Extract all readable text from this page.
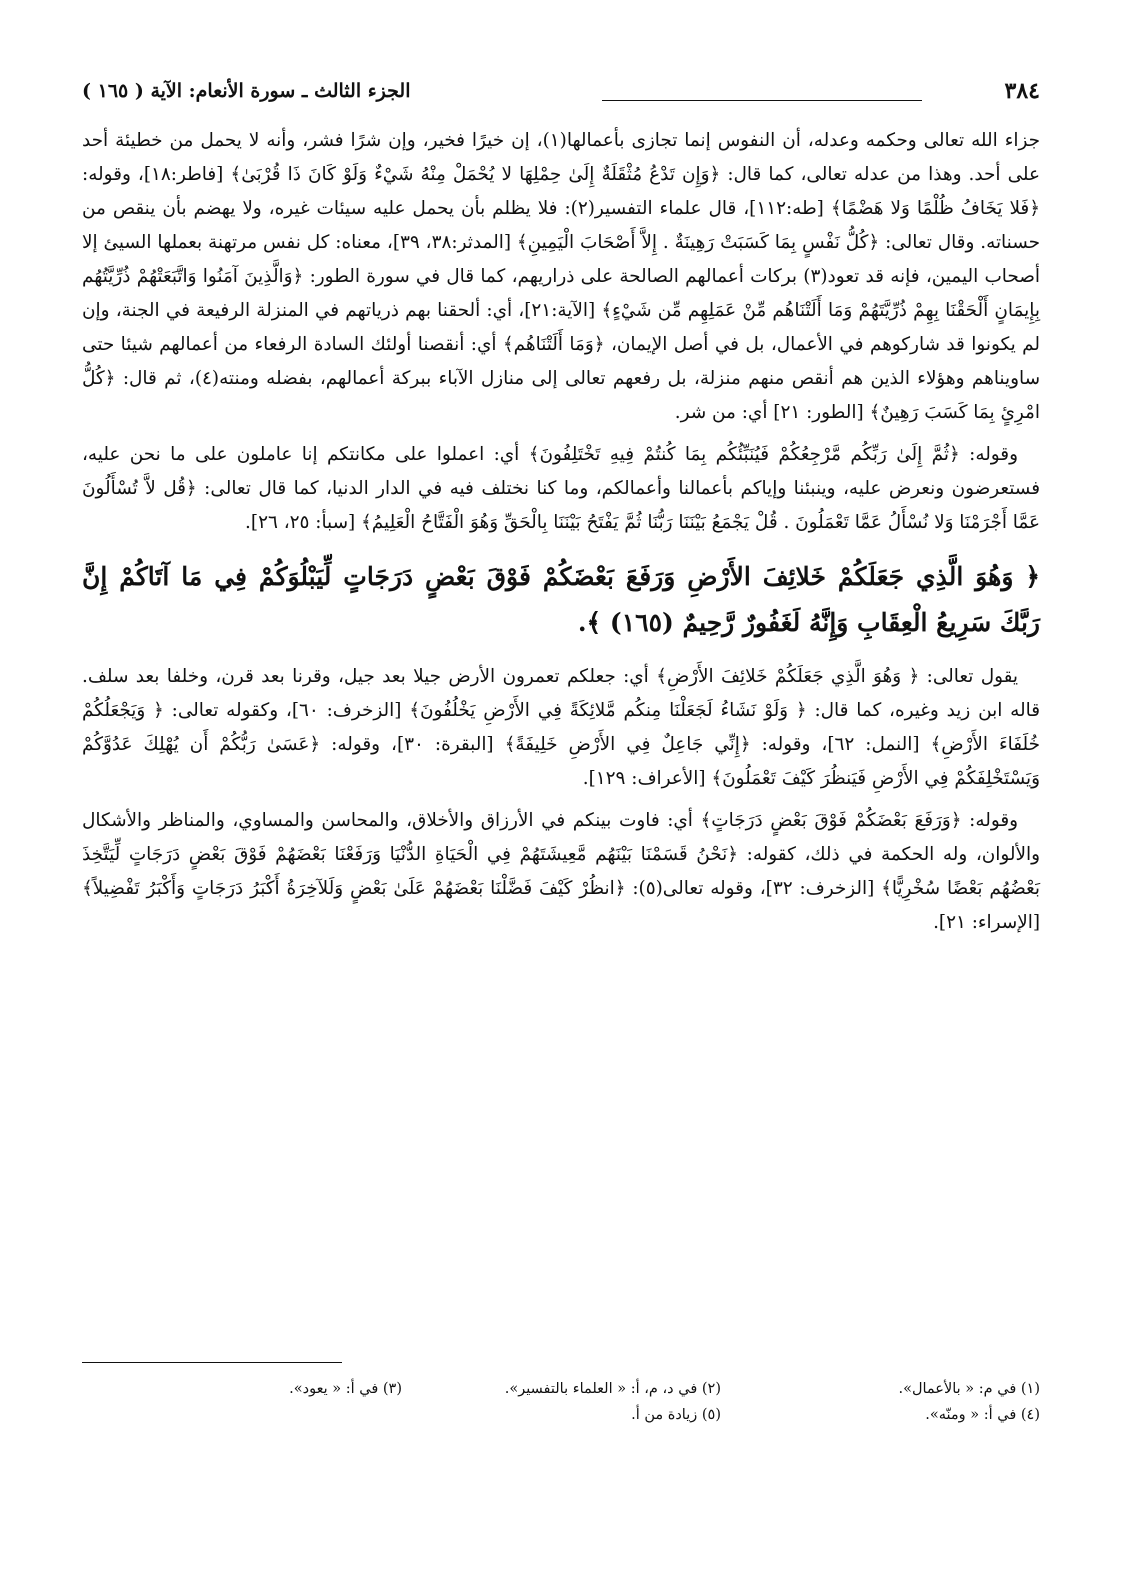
٣٨٤
الجزء الثالث ـ سورة الأنعام: الآية ( ١٦٥ )

جزاء الله تعالى وحكمه وعدله، أن النفوس إنما تجازى بأعمالها(١)، إن خيرًا فخير، وإن شرًا فشر، وأنه لا يحمل من خطيئة أحد على أحد. وهذا من عدله تعالى، كما قال: ﴿وَإِن تَدْعُ مُثْقَلَةٌ إِلَىٰ حِمْلِهَا لا يُحْمَلْ مِنْهُ شَيْءٌ وَلَوْ كَانَ ذَا قُرْبَىٰ﴾ [فاطر:١٨]، وقوله: ﴿فَلا يَخَافُ ظُلْمًا وَلا هَضْمًا﴾ [طه:١١٢]، قال علماء التفسير(٢): فلا يظلم بأن يحمل عليه سيئات غيره، ولا يهضم بأن ينقص من حسناته. وقال تعالى: ﴿كُلُّ نَفْسٍ بِمَا كَسَبَتْ رَهِينَةٌ . إِلاَّ أَصْحَابَ الْيَمِينِ﴾ [المدثر:٣٨، ٣٩]، معناه: كل نفس مرتهنة بعملها السيئ إلا أصحاب اليمين، فإنه قد تعود(٣) بركات أعمالهم الصالحة على ذراريهم، كما قال في سورة الطور: ﴿وَالَّذِينَ آمَنُوا وَاتَّبَعَتْهُمْ ذُرِّيَّتُهُم بِإِيمَانٍ أَلْحَقْنَا بِهِمْ ذُرِّيَّتَهُمْ وَمَا أَلَتْنَاهُم مِّنْ عَمَلِهِم مِّن شَيْءٍ﴾ [الآية:٢١]، أي: ألحقنا بهم ذرياتهم في المنزلة الرفيعة في الجنة، وإن لم يكونوا قد شاركوهم في الأعمال، بل في أصل الإيمان، ﴿وَمَا أَلَتْنَاهُم﴾ أي: أنقصنا أولئك السادة الرفعاء من أعمالهم شيئا حتى ساويناهم وهؤلاء الذين هم أنقص منهم منزلة، بل رفعهم تعالى إلى منازل الآباء ببركة أعمالهم، بفضله ومنته(٤)، ثم قال: ﴿كُلُّ امْرِئٍ بِمَا كَسَبَ رَهِينٌ﴾ [الطور: ٢١] أي: من شر.

وقوله: ﴿ثُمَّ إِلَىٰ رَبِّكُم مَّرْجِعُكُمْ فَيُنَبِّئُكُم بِمَا كُنتُمْ فِيهِ تَخْتَلِفُونَ﴾ أي: اعملوا على مكانتكم إنا عاملون على ما نحن عليه، فستعرضون ونعرض عليه، وينبئنا وإياكم بأعمالنا وأعمالكم، وما كنا نختلف فيه في الدار الدنيا، كما قال تعالى: ﴿قُل لاَّ تُسْأَلُونَ عَمَّا أَجْرَمْنَا وَلا نُسْأَلُ عَمَّا تَعْمَلُونَ . قُلْ يَجْمَعُ بَيْنَنَا رَبُّنَا ثُمَّ يَفْتَحُ بَيْنَنَا بِالْحَقِّ وَهُوَ الْفَتَّاحُ الْعَلِيمُ﴾ [سبأ: ٢٥، ٢٦].

﴿ وَهُوَ الَّذِي جَعَلَكُمْ خَلائِفَ الأَرْضِ وَرَفَعَ بَعْضَكُمْ فَوْقَ بَعْضٍ دَرَجَاتٍ لِّيَبْلُوَكُمْ فِي مَا آتَاكُمْ إِنَّ رَبَّكَ سَرِيعُ الْعِقَابِ وَإِنَّهُ لَغَفُورٌ رَّحِيمٌ (١٦٥) ﴾.

يقول تعالى: ﴿ وَهُوَ الَّذِي جَعَلَكُمْ خَلائِفَ الأَرْضِ﴾ أي: جعلكم تعمرون الأرض جيلا بعد جيل، وقرنا بعد قرن، وخلفا بعد سلف. قاله ابن زيد وغيره، كما قال: ﴿ وَلَوْ نَشَاءُ لَجَعَلْنَا مِنكُم مَّلائِكَةً فِي الأَرْضِ يَخْلُفُونَ﴾ [الزخرف: ٦٠]، وكقوله تعالى: ﴿ وَيَجْعَلُكُمْ خُلَفَاءَ الأَرْضِ﴾ [النمل: ٦٢]، وقوله: ﴿إِنِّي جَاعِلٌ فِي الأَرْضِ خَلِيفَةً﴾ [البقرة: ٣٠]، وقوله: ﴿عَسَىٰ رَبُّكُمْ أَن يُهْلِكَ عَدُوَّكُمْ وَيَسْتَخْلِفَكُمْ فِي الأَرْضِ فَيَنظُرَ كَيْفَ تَعْمَلُونَ﴾ [الأعراف: ١٢٩].

وقوله: ﴿وَرَفَعَ بَعْضَكُمْ فَوْقَ بَعْضٍ دَرَجَاتٍ﴾ أي: فاوت بينكم في الأرزاق والأخلاق، والمحاسن والمساوي، والمناظر والأشكال والألوان، وله الحكمة في ذلك، كقوله: ﴿نَحْنُ قَسَمْنَا بَيْنَهُم مَّعِيشَتَهُمْ فِي الْحَيَاةِ الدُّنْيَا وَرَفَعْنَا بَعْضَهُمْ فَوْقَ بَعْضٍ دَرَجَاتٍ لِّيَتَّخِذَ بَعْضُهُم بَعْضًا سُخْرِيًّا﴾ [الزخرف: ٣٢]، وقوله تعالى(٥): ﴿انظُرْ كَيْفَ فَضَّلْنَا بَعْضَهُمْ عَلَىٰ بَعْضٍ وَلَلآخِرَةُ أَكْبَرُ دَرَجَاتٍ وَأَكْبَرُ تَفْضِيلاً﴾ [الإسراء: ٢١].

(١) في م: « بالأعمال».
(٢) في د، م، أ: « العلماء بالتفسير».
(٣) في أ: « يعود».
(٤) في أ: « ومنّه».
(٥) زيادة من أ.
